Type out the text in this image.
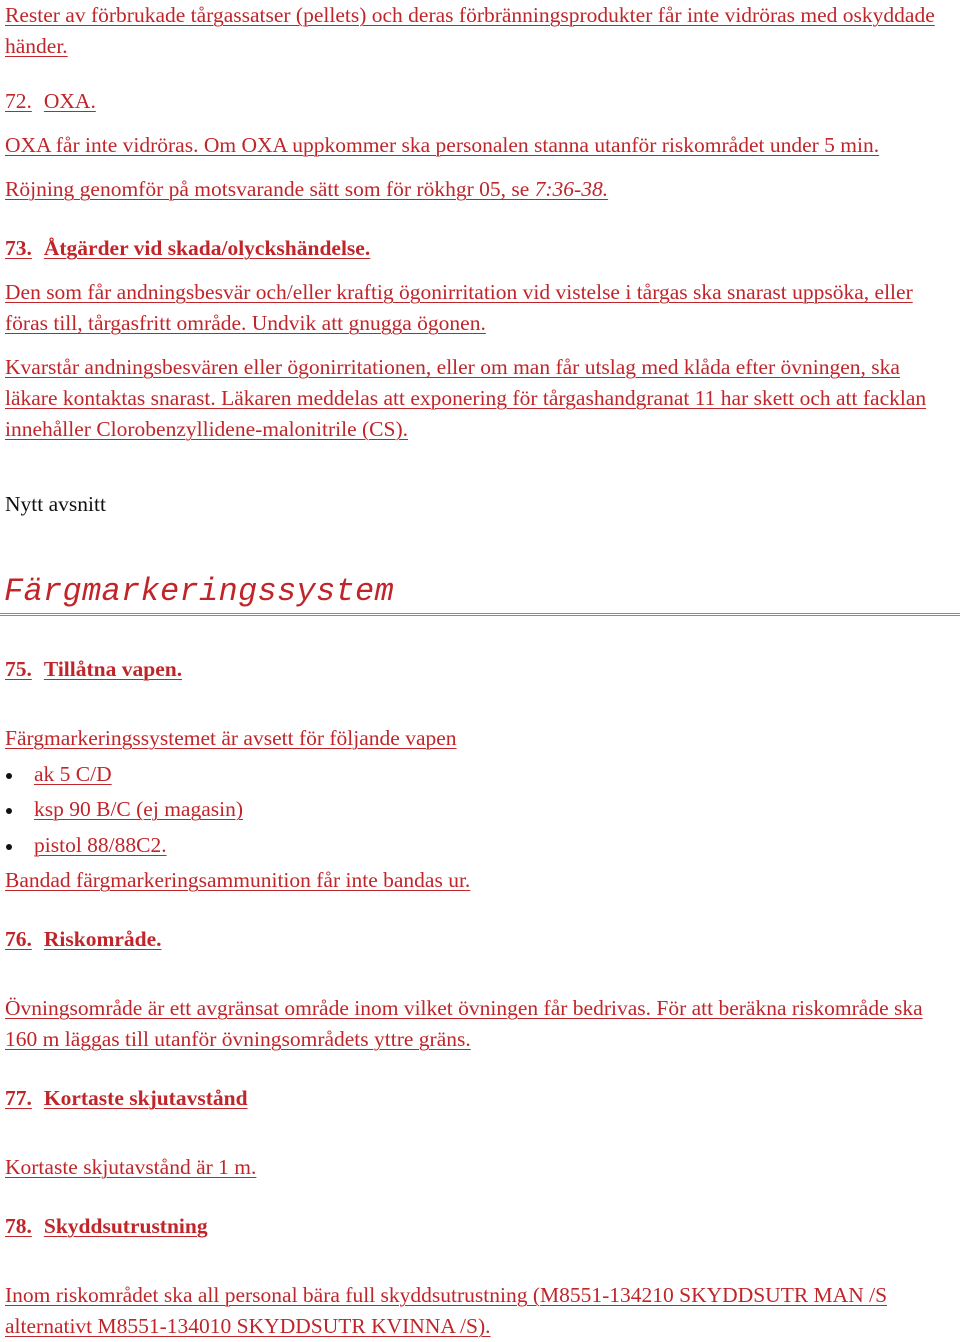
Rester av förbrukade tårgassatser (pellets) och deras förbränningsprodukter får inte vidröras med oskyddade händer.

72. OXA.

OXA får inte vidröras. Om OXA uppkommer ska personalen stanna utanför riskområdet under 5 min.

Röjning genomför på motsvarande sätt som för rökhgr 05, se 7:36-38.

73. Åtgärder vid skada/olyckshändelse.

Den som får andningsbesvär och/eller kraftig ögonirritation vid vistelse i tårgas ska snarast uppsöka, eller föras till, tårgasfritt område. Undvik att gnugga ögonen.

Kvarstår andningsbesvären eller ögonirritationen, eller om man får utslag med klåda efter övningen, ska läkare kontaktas snarast. Läkaren meddelas att exponering för tårgashandgranat 11 har skett och att facklan innehåller Clorobenzyllidene-malonitrile (CS).

Nytt avsnitt

Färgmarkeringssystem

75. Tillåtna vapen.

Färgmarkeringssystemet är avsett för följande vapen

ak 5 C/D
ksp 90 B/C (ej magasin)
pistol 88/88C2.

Bandad färgmarkeringsammunition får inte bandas ur.

76. Riskområde.

Övningsområde är ett avgränsat område inom vilket övningen får bedrivas. För att beräkna riskområde ska 160 m läggas till utanför övningsområdets yttre gräns.

77. Kortaste skjutavstånd

Kortaste skjutavstånd är 1 m.

78. Skyddsutrustning

Inom riskområdet ska all personal bära full skyddsutrustning (M8551-134210 SKYDDSUTR MAN /S alternativt M8551-134010 SKYDDSUTR KVINNA /S).
